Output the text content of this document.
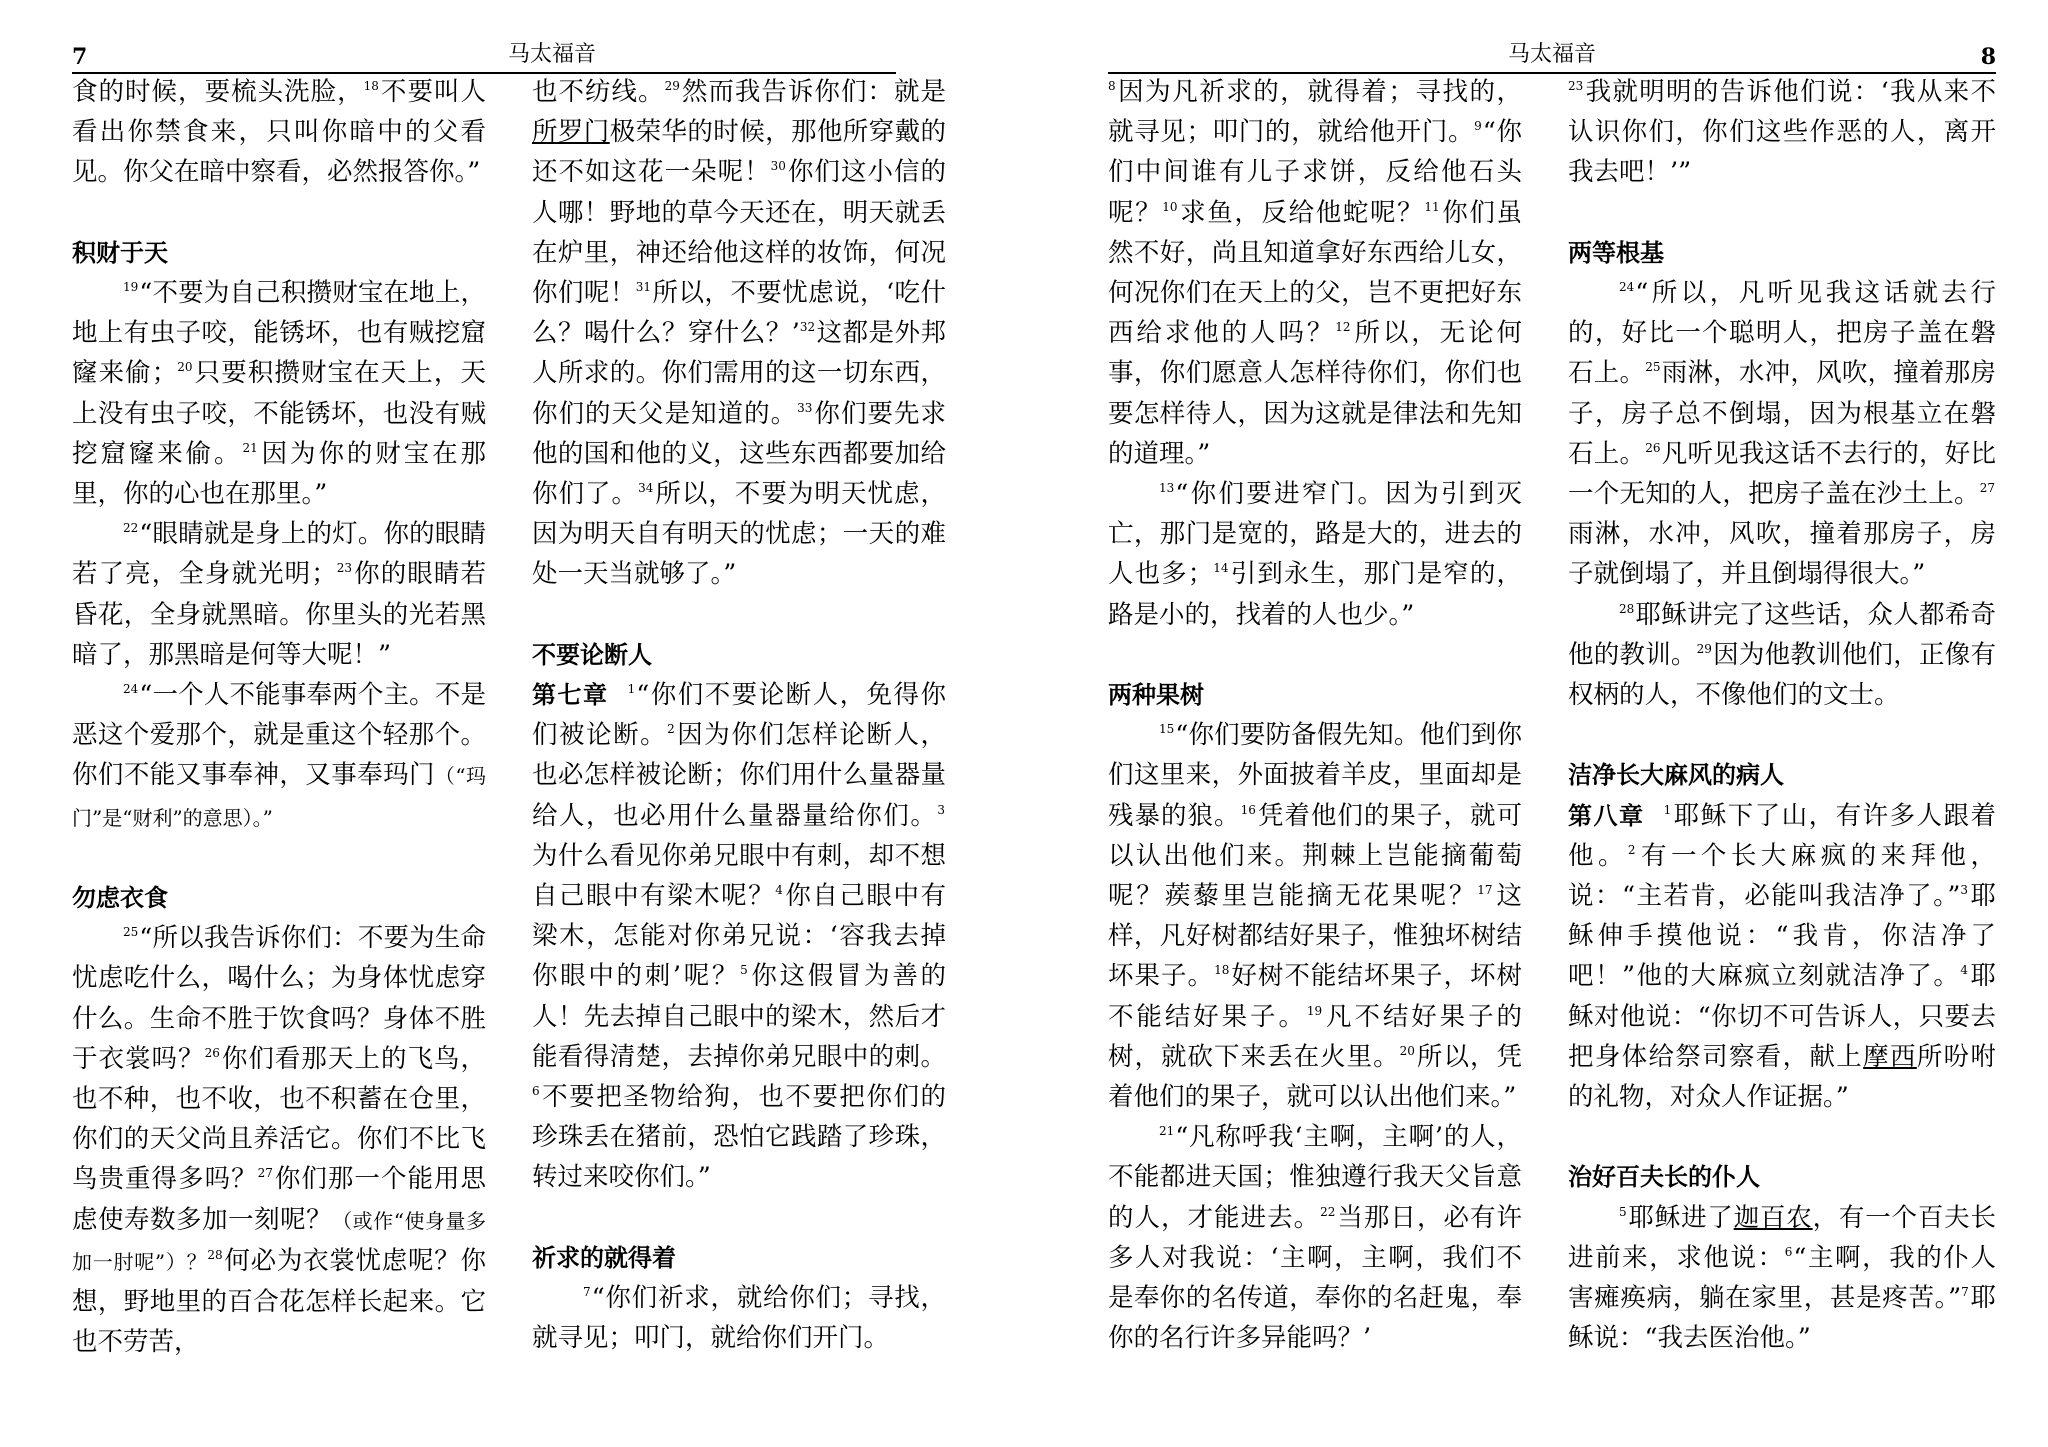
7	马太福音

食的时候，要梳头洗脸，$^{18}$不要叫人看出你禁食来，只叫你暗中的父看见。你父在暗中察看，必然报答你。”

积财于天

$^{19}$“不要为自己积攒财宝在地上，地上有虫子咬，能锈坏，也有贼挖窟窿来偷；$^{20}$只要积攒财宝在天上，天上没有虫子咬，不能锈坏，也没有贼挖窟窿来偷。$^{21}$因为你的财宝在那里，你的心也在那里。”

$^{22}$“眼睛就是身上的灯。你的眼睛若了亮，全身就光明；$^{23}$你的眼睛若昏花，全身就黑暗。你里头的光若黑暗了，那黑暗是何等大呢！”

$^{24}$“一个人不能事奉两个主。不是恶这个爱那个，就是重这个轻那个。你们不能又事奉神，又事奉玛门（“玛门”是“财利”的意思）。”

勿虑衣食

$^{25}$“所以我告诉你们：不要为生命忧虑吃什么，喝什么；为身体忧虑穿什么。生命不胜于饮食吗？身体不胜于衣裳吗？$^{26}$你们看那天上的飞鸟，也不种，也不收，也不积蓄在仓里，你们的天父尚且养活它。你们不比飞鸟贵重得多吗？$^{27}$你们那一个能用思虑使寿数多加一刻呢？（或作“使身量多加一肘呢”）？$^{28}$何必为衣裳忧虑呢？你想，野地里的百合花怎样长起来。它也不劳苦，

也不纺线。$^{29}$然而我告诉你们：就是所罗门极荣华的时候，那他所穿戴的还不如这花一朵呢！$^{30}$你们这小信的人哪！野地的草今天还在，明天就丢在炉里，神还给他这样的妆饰，何况你们呢！$^{31}$所以，不要忧虑说，‘吃什么？喝什么？穿什么？’$^{32}$这都是外邦人所求的。你们需用的这一切东西，你们的天父是知道的。$^{33}$你们要先求他的国和他的义，这些东西都要加给你们了。$^{34}$所以，不要为明天忧虑，因为明天自有明天的忧虑；一天的难处一天当就够了。”

不要论断人

第七章 $^1$“你们不要论断人，免得你们被论断。$^2$因为你们怎样论断人，也必怎样被论断；你们用什么量器量给人，也必用什么量器量给你们。$^3$为什么看见你弟兄眼中有刺，却不想自己眼中有梁木呢？$^4$你自己眼中有梁木，怎能对你弟兄说：‘容我去掉你眼中的刺’呢？$^5$你这假冒为善的人！先去掉自己眼中的梁木，然后才能看得清楚，去掉你弟兄眼中的刺。$^6$不要把圣物给狗，也不要把你们的珍珠丢在猪前，恐怕它践踏了珍珠，转过来咬你们。”

祈求的就得着

$^7$“你们祈求，就给你们；寻找，就寻见；叩门，就给你们开门。

马太福音	8

$^8$因为凡祈求的，就得着；寻找的，就寻见；叩门的，就给他开门。$^9$“你们中间谁有儿子求饼，反给他石头呢？$^{10}$求鱼，反给他蛇呢？$^{11}$你们虽然不好，尚且知道拿好东西给儿女，何况你们在天上的父，岂不更把好东西给求他的人吗？$^{12}$所以，无论何事，你们愿意人怎样待你们，你们也要怎样待人，因为这就是律法和先知的道理。”

$^{13}$“你们要进窄门。因为引到灭亡，那门是宽的，路是大的，进去的人也多；$^{14}$引到永生，那门是窄的，路是小的，找着的人也少。”

两种果树

$^{15}$“你们要防备假先知。他们到你们这里来，外面披着羊皮，里面却是残暴的狼。$^{16}$凭着他们的果子，就可以认出他们来。荆棘上岂能摘葡萄呢？蒺藜里岂能摘无花果呢？$^{17}$这样，凡好树都结好果子，惟独坏树结坏果子。$^{18}$好树不能结坏果子，坏树不能结好果子。$^{19}$凡不结好果子的树，就砍下来丢在火里。$^{20}$所以，凭着他们的果子，就可以认出他们来。”

$^{21}$“凡称呼我‘主啊，主啊’的人，不能都进天国；惟独遵行我天父旨意的人，才能进去。$^{22}$当那日，必有许多人对我说：‘主啊，主啊，我们不是奉你的名传道，奉你的名赶鬼，奉你的名行许多异能吗？’

$^{23}$我就明明的告诉他们说：‘我从来不认识你们，你们这些作恶的人，离开我去吧！’”

两等根基

$^{24}$“所以，凡听见我这话就去行的，好比一个聪明人，把房子盖在磐石上。$^{25}$雨淋，水冲，风吹，撞着那房子，房子总不倒塌，因为根基立在磐石上。$^{26}$凡听见我这话不去行的，好比一个无知的人，把房子盖在沙土上。$^{27}$雨淋，水冲，风吹，撞着那房子，房子就倒塌了，并且倒塌得很大。”

$^{28}$耶稣讲完了这些话，众人都希奇他的教训。$^{29}$因为他教训他们，正像有权柄的人，不像他们的文士。

洁净长大麻风的病人

第八章 $^1$耶稣下了山，有许多人跟着他。$^2$有一个长大麻疯的来拜他，说：“主若肯，必能叫我洁净了。”$^3$耶稣伸手摸他说：“我肯，你洁净了吧！”他的大麻疯立刻就洁净了。$^4$耶稣对他说：“你切不可告诉人，只要去把身体给祭司察看，献上摩西所吩咐的礼物，对众人作证据。”

治好百夫长的仆人

$^5$耶稣进了迦百农，有一个百夫长进前来，求他说：$^6$“主啊，我的仆人害瘫痪病，躺在家里，甚是疼苦。”$^7$耶稣说：“我去医治他。”
